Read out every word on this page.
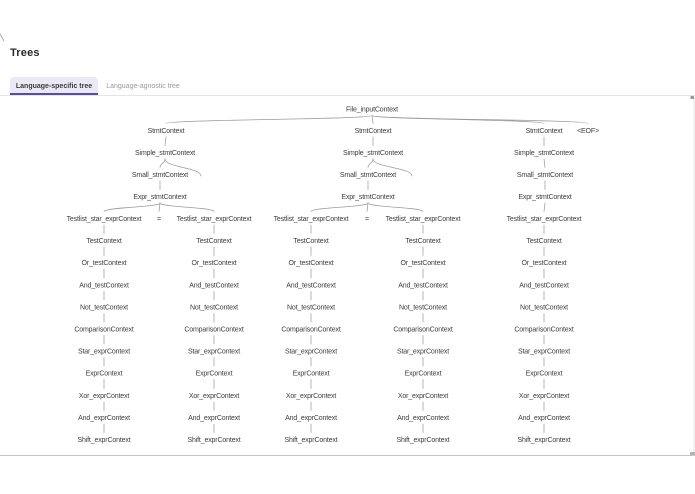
Trees
Language-specific tree	Language-agnostic tree
File_inputContext
StmtContext	StmtContext	StmtContext <EOF>
Simple_stmtContext	Simple_stmtContext	Simple_stmtContext
Small_stmtContext	Small_stmtContext	Small_stmtContext
Expr_stmtContext	Expr_stmtContext	Expr_stmtContext
Testlist_star_exprContext = Testlist_star_exprContext	Testlist_star_exprContext = Testlist_star_exprContext	Testlist_star_exprContext
TestContext
Or_testContext
And_testContext
Not_testContext
ComparisonContext
Star_exprContext
ExprContext
Xor_exprContext
And_exprContext
Shift_exprContext
TestContext
Or_testContext
And_testContext
Not_testContext
ComparisonContext
Star_exprContext
ExprContext
Xor_exprContext
And_exprContext
Shift_exprContext
TestContext
Or_testContext
And_testContext
Not_testContext
ComparisonContext
Star_exprContext
ExprContext
Xor_exprContext
And_exprContext
Shift_exprContext
TestContext
Or_testContext
And_testContext
Not_testContext
ComparisonContext
Star_exprContext
ExprContext
Xor_exprContext
And_exprContext
Shift_exprContext
TestContext
Or_testContext
And_testContext
Not_testContext
ComparisonContext
Star_exprContext
ExprContext
Xor_exprContext
And_exprContext
Shift_exprContext
